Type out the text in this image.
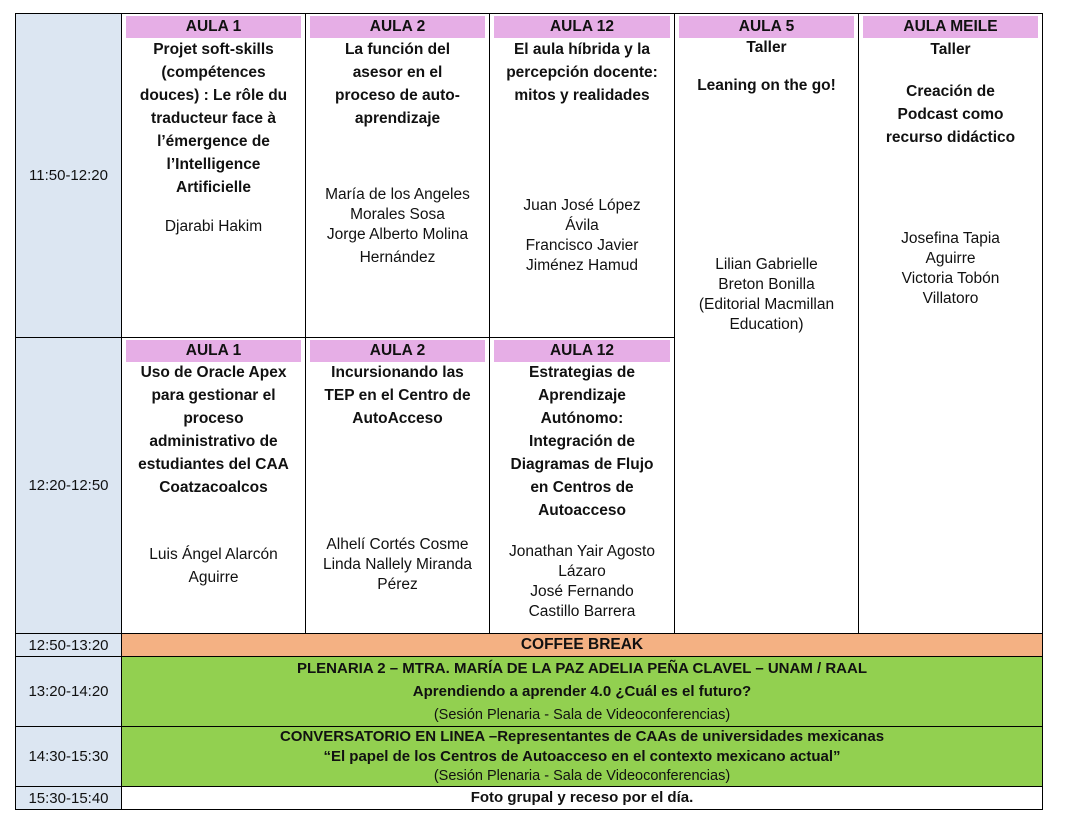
11:50-12:20
12:20-12:50
12:50-13:20
13:20-14:20
14:30-15:30
15:30-15:40
AULA 1
Projet soft-skills
(compétences
douces) : Le rôle du
traducteur face à
l’émergence de
l’Intelligence
Artificielle
Djarabi Hakim
AULA 2
La función del
asesor en el
proceso de auto-
aprendizaje
María de los Angeles
Morales Sosa
Jorge Alberto Molina
Hernández
AULA 12
El aula híbrida y la
percepción docente:
mitos y realidades
Juan José López
Ávila
Francisco Javier
Jiménez Hamud
AULA 5
Taller
Leaning on the go!
Lilian Gabrielle
Breton Bonilla
(Editorial Macmillan
Education)
AULA MEILE
Taller
Creación de
Podcast como
recurso didáctico
Josefina Tapia
Aguirre
Victoria Tobón
Villatoro
AULA 1
Uso de Oracle Apex
para gestionar el
proceso
administrativo de
estudiantes del CAA
Coatzacoalcos
Luis Ángel Alarcón
Aguirre
AULA 2
Incursionando las
TEP en el Centro de
AutoAcceso
Alhelí Cortés Cosme
Linda Nallely Miranda
Pérez
AULA 12
Estrategias de
Aprendizaje
Autónomo:
Integración de
Diagramas de Flujo
en Centros de
Autoacceso
Jonathan Yair Agosto
Lázaro
José Fernando
Castillo Barrera
COFFEE BREAK
PLENARIA 2 – MTRA. MARÍA DE LA PAZ ADELIA PEÑA CLAVEL – UNAM / RAAL
Aprendiendo a aprender 4.0 ¿Cuál es el futuro?
(Sesión Plenaria - Sala de Videoconferencias)
CONVERSATORIO EN LINEA –Representantes de CAAs de universidades mexicanas
“El papel de los Centros de Autoacceso en el contexto mexicano actual”
(Sesión Plenaria - Sala de Videoconferencias)
Foto grupal y receso por el día.
